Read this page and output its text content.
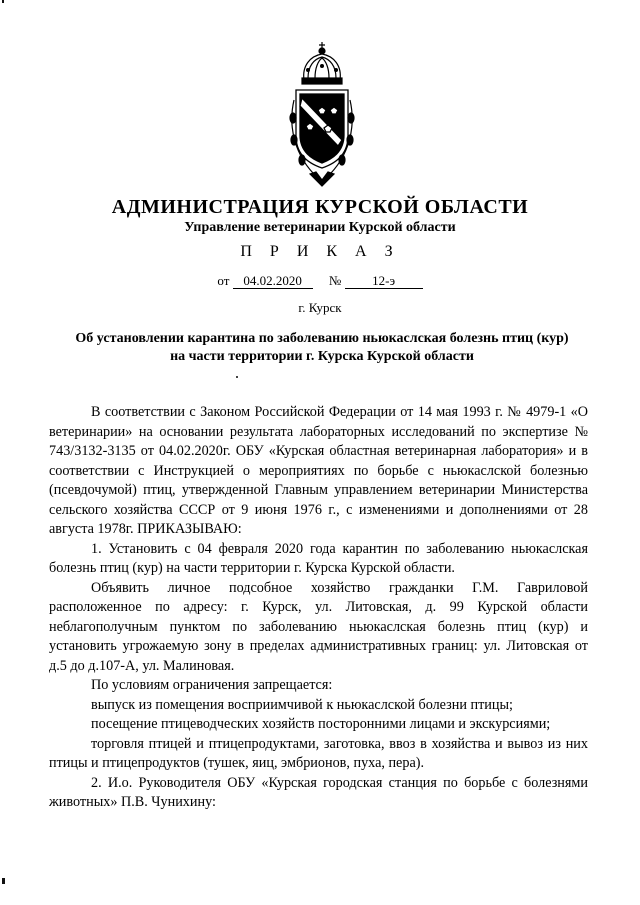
АДМИНИСТРАЦИЯ КУРСКОЙ ОБЛАСТИ
Управление ветеринарии Курской области
П Р И К А З
от 04.02.2020 № 12-э
г. Курск
Об установлении карантина по заболеванию ньюкаслская болезнь птиц (кур)
на части территории г. Курска Курской области

В соответствии с Законом Российской Федерации от 14 мая 1993 г. № 4979-1 «О ветеринарии» на основании результата лабораторных исследований по экспертизе № 743/3132-3135 от 04.02.2020г. ОБУ «Курская областная ветеринарная лаборатория» и в соответствии с Инструкцией о мероприятиях по борьбе с ньюкаслской болезнью (псевдочумой) птиц, утвержденной Главным управлением ветеринарии Министерства сельского хозяйства СССР от 9 июня 1976 г., с изменениями и дополнениями от 28 августа 1978г. ПРИКАЗЫВАЮ:

1. Установить с 04 февраля 2020 года карантин по заболеванию ньюкаслская болезнь птиц (кур) на части территории г. Курска Курской области.

Объявить личное подсобное хозяйство гражданки Г.М. Гавриловой расположенное по адресу: г. Курск, ул. Литовская, д. 99 Курской области неблагополучным пунктом по заболеванию ньюкаслская болезнь птиц (кур) и установить угрожаемую зону в пределах административных границ: ул. Литовская от д.5 до д.107-А, ул. Малиновая.

По условиям ограничения запрещается:

выпуск из помещения восприимчивой к ньюкаслской болезни птицы;

посещение птицеводческих хозяйств посторонними лицами и экскурсиями;

торговля птицей и птицепродуктами, заготовка, ввоз в хозяйства и вывоз из них птицы и птицепродуктов (тушек, яиц, эмбрионов, пуха, пера).

2. И.о. Руководителя ОБУ «Курская городская станция по борьбе с болезнями животных» П.В. Чунихину:
